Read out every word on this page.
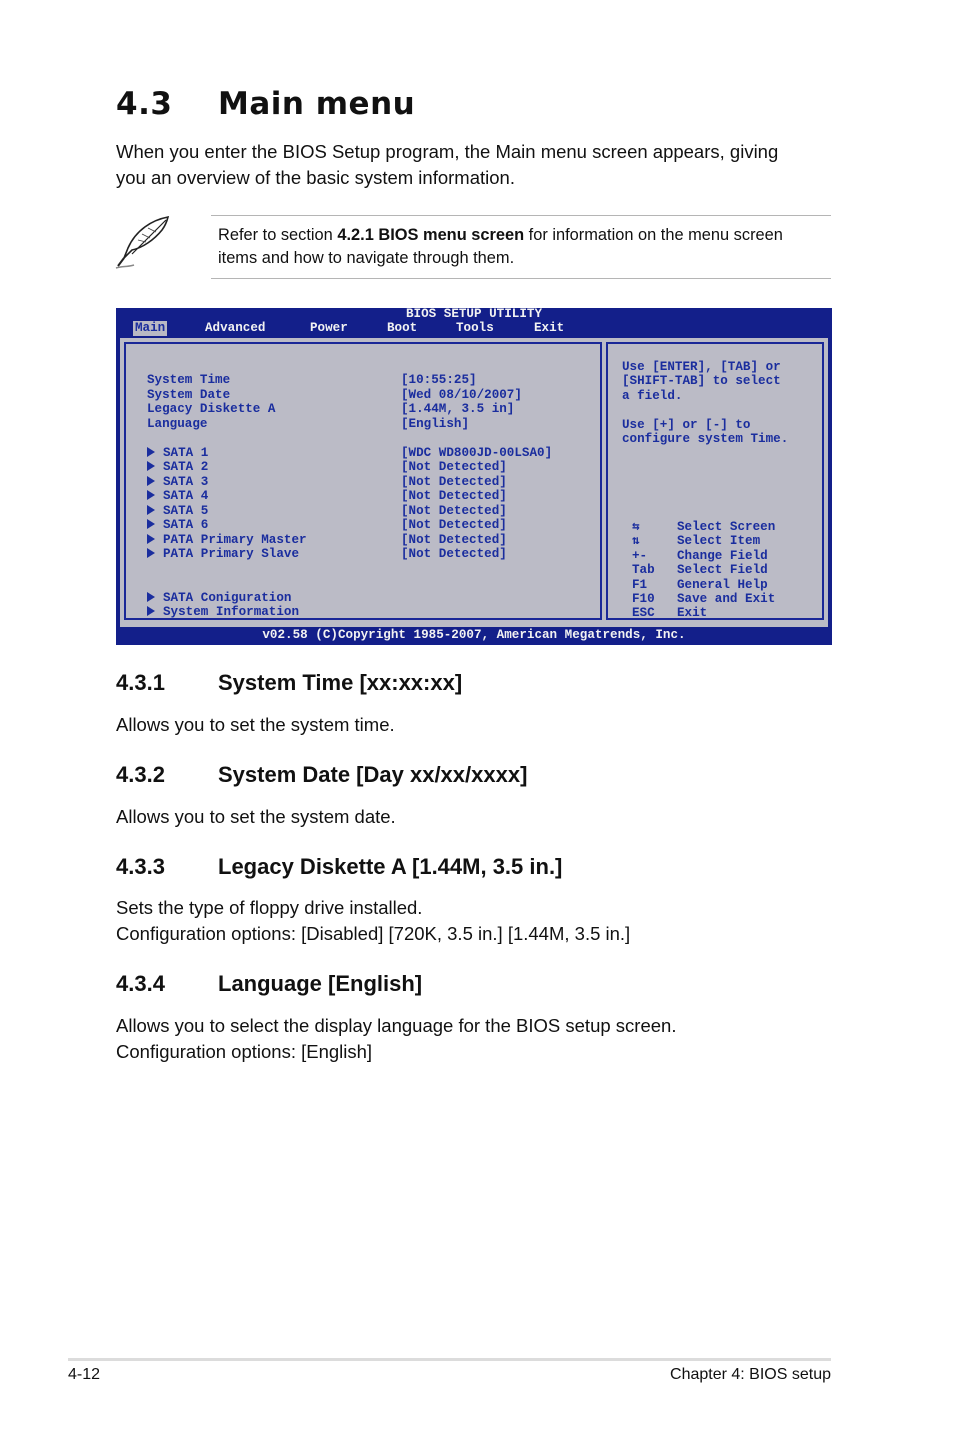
4.3 Main menu

When you enter the BIOS Setup program, the Main menu screen appears, giving
you an overview of the basic system information.

Refer to section 4.2.1 BIOS menu screen for information on the menu screen
items and how to navigate through them.
BIOS SETUP UTILITY
Main	Advanced	Power	Boot	Tools	Exit
System Time	[10:55:25]
System Date	[Wed 08/10/2007]
Legacy Diskette A	[1.44M, 3.5 in]
Language	[English]
SATA 1	[WDC WD800JD-00LSA0]
SATA 2	[Not Detected]
SATA 3	[Not Detected]
SATA 4	[Not Detected]
SATA 5	[Not Detected]
SATA 6	[Not Detected]
PATA Primary Master	[Not Detected]
PATA Primary Slave	[Not Detected]
SATA Coniguration
System Information
Use [ENTER], [TAB] or
[SHIFT-TAB] to select
a field.
Use [+] or [-] to
configure system Time.
⇆	Select Screen
⇅	Select Item
+- Change Field
Tab Select Field
F1 General Help
F10 Save and Exit
ESC Exit
v02.58 (C)Copyright 1985-2007, American Megatrends, Inc.
4.3.1 System Time [xx:xx:xx]

Allows you to set the system time.

4.3.2 System Date [Day xx/xx/xxxx]

Allows you to set the system date.

4.3.3 Legacy Diskette A [1.44M, 3.5 in.]

Sets the type of floppy drive installed.
Configuration options: [Disabled] [720K, 3.5 in.] [1.44M, 3.5 in.]

4.3.4 Language [English]

Allows you to select the display language for the BIOS setup screen.
Configuration options: [English]

4-12	Chapter 4: BIOS setup
